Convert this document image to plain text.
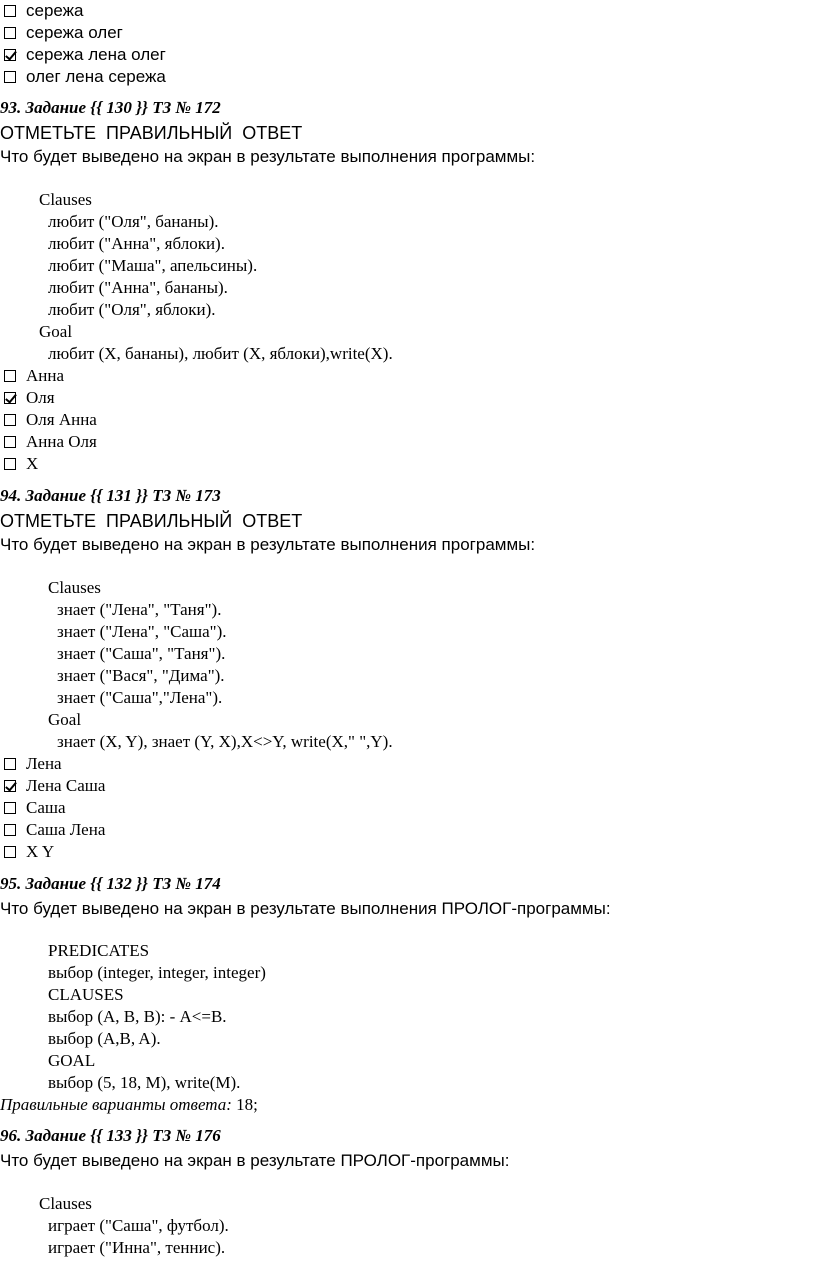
сережа
сережа олег
сережа лена олег
олег лена сережа
93. Задание {{ 130 }} ТЗ № 172
ОТМЕТЬТЕ  ПРАВИЛЬНЫЙ  ОТВЕТ
Что будет выведено на экран в результате выполнения программы:
Clauses
любит ("Оля", бананы).
любит ("Анна", яблоки).
любит ("Маша", апельсины).
любит ("Анна", бананы).
любит ("Оля", яблоки).
Goal
любит (X, бананы), любит (X, яблоки),write(X).
Анна
Оля
Оля Анна
Анна Оля
X
94. Задание {{ 131 }} ТЗ № 173
ОТМЕТЬТЕ  ПРАВИЛЬНЫЙ  ОТВЕТ
Что будет выведено на экран в результате выполнения программы:
Clauses
знает ("Лена", "Таня").
знает ("Лена", "Саша").
знает ("Саша", "Таня").
знает ("Вася", "Дима").
знает ("Саша","Лена").
Goal
знает (X, Y), знает (Y, X),X<>Y, write(X," ",Y).
Лена
Лена Саша
Саша
Саша Лена
X Y
95. Задание {{ 132 }} ТЗ № 174
Что будет выведено на экран в результате выполнения ПРОЛОГ-программы:
PREDICATES
выбор (integer, integer, integer)
CLAUSES
выбор (A, B, B): - A<=B.
выбор (A,B, A).
GOAL
выбор (5, 18, M), write(M).
Правильные варианты ответа: 18;
96. Задание {{ 133 }} ТЗ № 176
Что будет выведено на экран в результате ПРОЛОГ-программы:
Clauses
играет ("Саша", футбол).
играет ("Инна", теннис).
